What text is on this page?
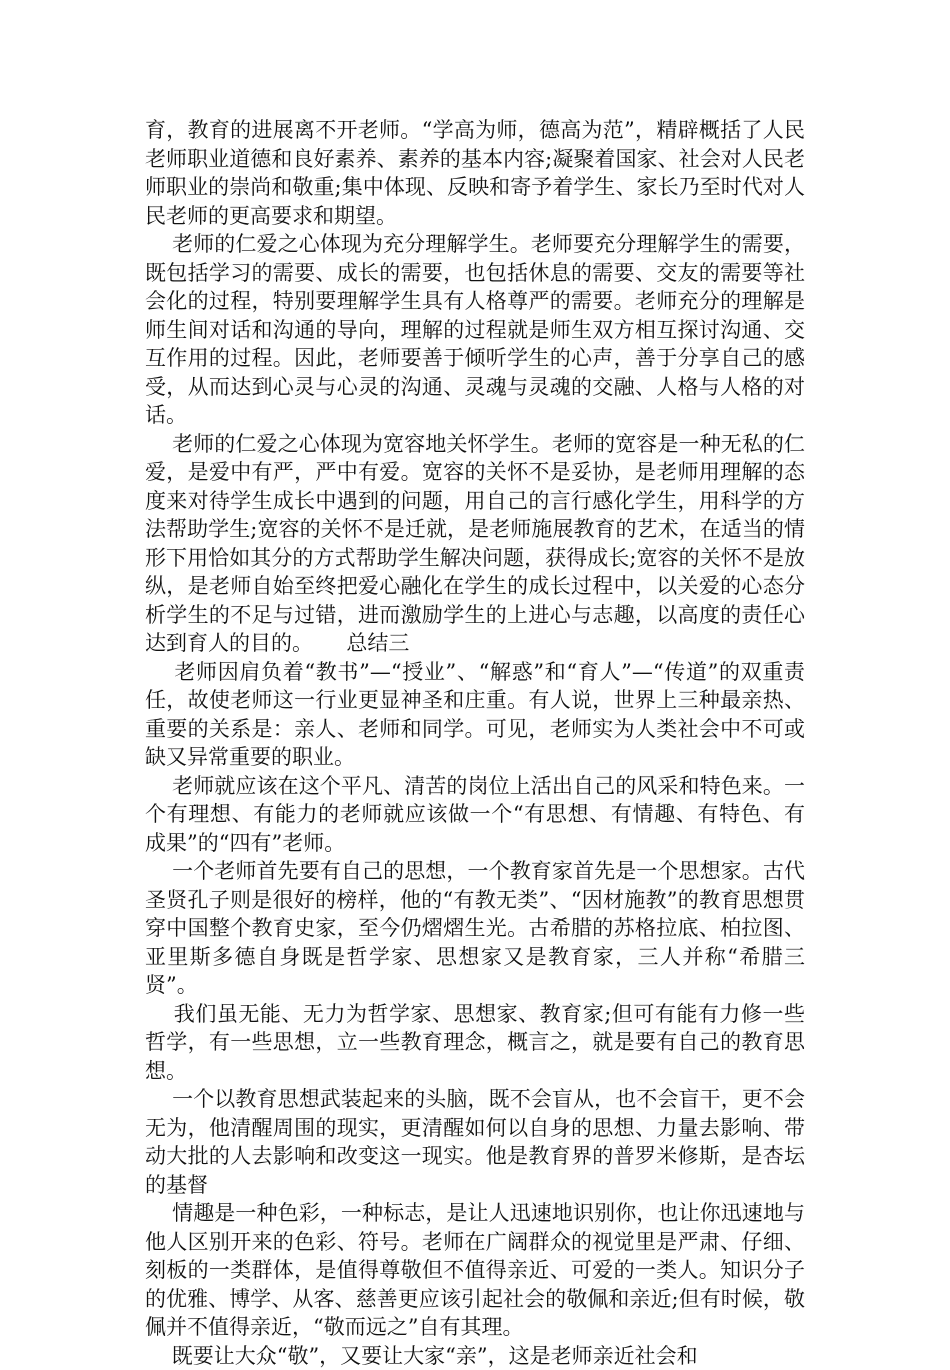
育，教育的进展离不开老师。“学高为师，德高为范”，精辟概括了人民老师职业道德和良好素养、素养的基本内容;凝聚着国家、社会对人民老师职业的崇尚和敬重;集中体现、反映和寄予着学生、家长乃至时代对人民老师的更高要求和期望。

老师的仁爱之心体现为充分理解学生。老师要充分理解学生的需要，既包括学习的需要、成长的需要，也包括休息的需要、交友的需要等社会化的过程，特别要理解学生具有人格尊严的需要。老师充分的理解是师生间对话和沟通的导向，理解的过程就是师生双方相互探讨沟通、交互作用的过程。因此，老师要善于倾听学生的心声，善于分享自己的感受，从而达到心灵与心灵的沟通、灵魂与灵魂的交融、人格与人格的对话。

老师的仁爱之心体现为宽容地关怀学生。老师的宽容是一种无私的仁爱，是爱中有严，严中有爱。宽容的关怀不是妥协，是老师用理解的态度来对待学生成长中遇到的问题，用自己的言行感化学生，用科学的方法帮助学生;宽容的关怀不是迁就，是老师施展教育的艺术，在适当的情形下用恰如其分的方式帮助学生解决问题，获得成长;宽容的关怀不是放纵，是老师自始至终把爱心融化在学生的成长过程中，以关爱的心态分析学生的不足与过错，进而激励学生的上进心与志趣，以高度的责任心达到育人的目的。     总结三

老师因肩负着“教书”—“授业”、“解惑”和“育人”—“传道”的双重责任，故使老师这一行业更显神圣和庄重。有人说，世界上三种最亲热、重要的关系是：亲人、老师和同学。可见，老师实为人类社会中不可或缺又异常重要的职业。

老师就应该在这个平凡、清苦的岗位上活出自己的风采和特色来。一个有理想、有能力的老师就应该做一个“有思想、有情趣、有特色、有成果”的“四有”老师。

一个老师首先要有自己的思想，一个教育家首先是一个思想家。古代圣贤孔子则是很好的榜样，他的“有教无类”、“因材施教”的教育思想贯穿中国整个教育史家，至今仍熠熠生光。古希腊的苏格拉底、柏拉图、亚里斯多德自身既是哲学家、思想家又是教育家，三人并称“希腊三贤”。

我们虽无能、无力为哲学家、思想家、教育家;但可有能有力修一些哲学，有一些思想，立一些教育理念，概言之，就是要有自己的教育思想。

一个以教育思想武装起来的头脑，既不会盲从，也不会盲干，更不会无为，他清醒周围的现实，更清醒如何以自身的思想、力量去影响、带动大批的人去影响和改变这一现实。他是教育界的普罗米修斯，是杏坛的基督

情趣是一种色彩，一种标志，是让人迅速地识别你，也让你迅速地与他人区别开来的色彩、符号。老师在广阔群众的视觉里是严肃、仔细、刻板的一类群体，是值得尊敬但不值得亲近、可爱的一类人。知识分子的优雅、博学、从客、慈善更应该引起社会的敬佩和亲近;但有时候，敬佩并不值得亲近，“敬而远之”自有其理。

既要让大众“敬”，又要让大家“亲”，这是老师亲近社会和
